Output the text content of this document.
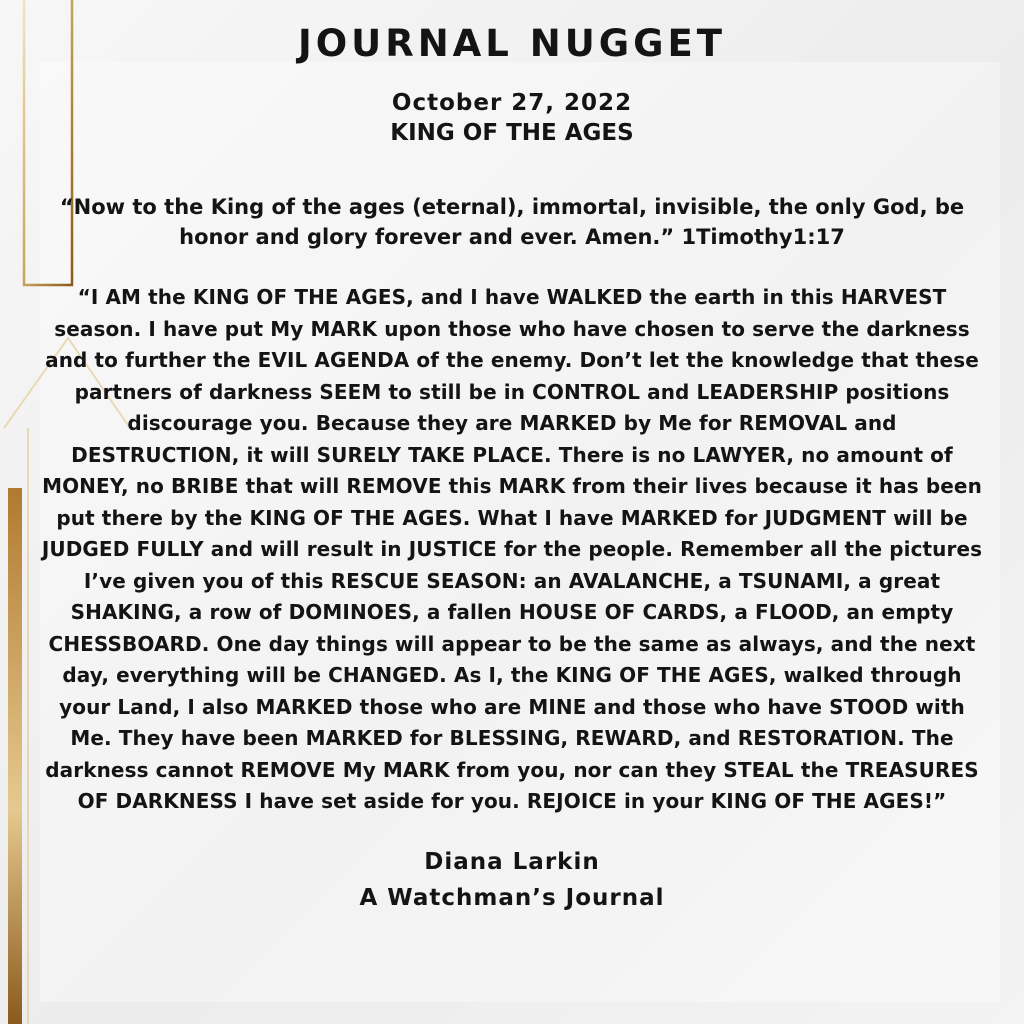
JOURNAL NUGGET

October 27, 2022

KING OF THE AGES

“Now to the King of the ages (eternal), immortal, invisible, the only God, be honor and glory forever and ever. Amen.” 1Timothy1:17

“I AM the KING OF THE AGES, and I have WALKED the earth in this HARVEST season. I have put My MARK upon those who have chosen to serve the darkness and to further the EVIL AGENDA of the enemy. Don’t let the knowledge that these partners of darkness SEEM to still be in CONTROL and LEADERSHIP positions discourage you. Because they are MARKED by Me for REMOVAL and DESTRUCTION, it will SURELY TAKE PLACE. There is no LAWYER, no amount of MONEY, no BRIBE that will REMOVE this MARK from their lives because it has been put there by the KING OF THE AGES. What I have MARKED for JUDGMENT will be JUDGED FULLY and will result in JUSTICE for the people. Remember all the pictures I’ve given you of this RESCUE SEASON: an AVALANCHE, a TSUNAMI, a great SHAKING, a row of DOMINOES, a fallen HOUSE OF CARDS, a FLOOD, an empty CHESSBOARD. One day things will appear to be the same as always, and the next day, everything will be CHANGED. As I, the KING OF THE AGES, walked through your Land, I also MARKED those who are MINE and those who have STOOD with Me. They have been MARKED for BLESSING, REWARD, and RESTORATION. The darkness cannot REMOVE My MARK from you, nor can they STEAL the TREASURES OF DARKNESS I have set aside for you. REJOICE in your KING OF THE AGES!”

Diana Larkin

A Watchman’s Journal
